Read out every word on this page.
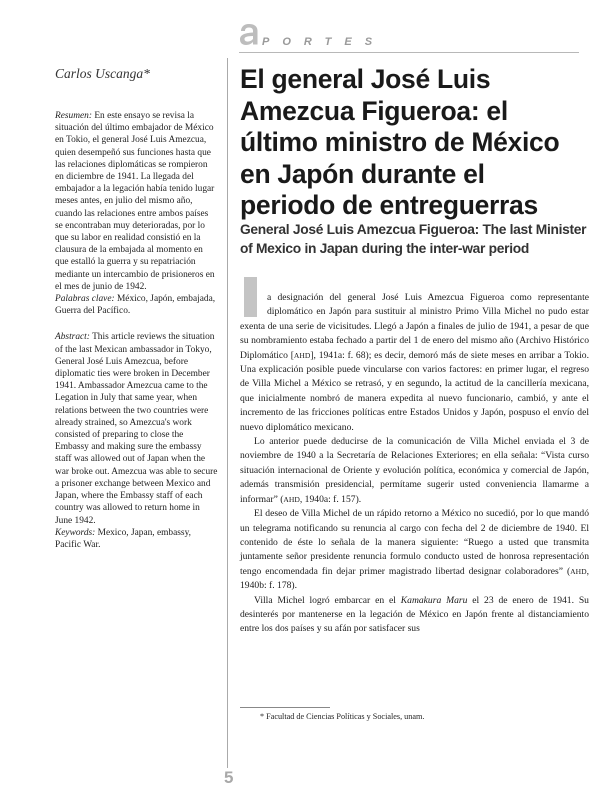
PORTES
Carlos Uscanga*

Resumen: En este ensayo se revisa la situación del último embajador de México en Tokio, el general José Luis Amezcua, quien desempeñó sus funciones hasta que las relaciones diplomáticas se rompieron en diciembre de 1941. La llegada del embajador a la legación había tenido lugar meses antes, en julio del mismo año, cuando las relaciones entre ambos países se encontraban muy deterioradas, por lo que su labor en realidad consistió en la clausura de la embajada al momento en que estalló la guerra y su repatriación mediante un intercambio de prisioneros en el mes de junio de 1942.

Palabras clave: México, Japón, embajada, Guerra del Pacífico.

Abstract: This article reviews the situation of the last Mexican ambassador in Tokyo, General José Luis Amezcua, before diplomatic ties were broken in December 1941. Ambassador Amezcua came to the Legation in July that same year, when relations between the two countries were already strained, so Amezcua's work consisted of preparing to close the Embassy and making sure the embassy staff was allowed out of Japan when the war broke out. Amezcua was able to secure a prisoner exchange between Mexico and Japan, where the Embassy staff of each country was allowed to return home in June 1942.

Keywords: Mexico, Japan, embassy, Pacific War.

El general José Luis Amezcua Figueroa: el último ministro de México en Japón durante el periodo de entreguerras
General José Luis Amezcua Figueroa: The last Minister of Mexico in Japan during the inter-war period

a designación del general José Luis Amezcua Figueroa como representante diplomático en Japón para sustituir al ministro Primo Villa Michel no pudo estar exenta de una serie de vicisitudes. Llegó a Japón a finales de julio de 1941, a pesar de que su nombramiento estaba fechado a partir del 1 de enero del mismo año (Archivo Histórico Diplomático [AHD], 1941a: f. 68); es decir, demoró más de siete meses en arribar a Tokio. Una explicación posible puede vincularse con varios factores: en primer lugar, el regreso de Villa Michel a México se retrasó, y en segundo, la actitud de la cancillería mexicana, que inicialmente nombró de manera expedita al nuevo funcionario, cambió, y ante el incremento de las fricciones políticas entre Estados Unidos y Japón, pospuso el envío del nuevo diplomático mexicano.

Lo anterior puede deducirse de la comunicación de Villa Michel enviada el 3 de noviembre de 1940 a la Secretaría de Relaciones Exteriores; en ella señala: “Vista curso situación internacional de Oriente y evolución política, económica y comercial de Japón, además transmisión presidencial, permítame sugerir usted conveniencia llamarme a informar” (AHD, 1940a: f. 157).

El deseo de Villa Michel de un rápido retorno a México no sucedió, por lo que mandó un telegrama notificando su renuncia al cargo con fecha del 2 de diciembre de 1940. El contenido de éste lo señala de la manera siguiente: “Ruego a usted que transmita juntamente señor presidente renuncia formulo conducto usted de honrosa representación tengo encomendada fin dejar primer magistrado libertad designar colaboradores” (AHD, 1940b: f. 178).

Villa Michel logró embarcar en el Kamakura Maru el 23 de enero de 1941. Su desinterés por mantenerse en la legación de México en Japón frente al distanciamiento entre los dos países y su afán por satisfacer sus

* Facultad de Ciencias Políticas y Sociales, unam.
5
